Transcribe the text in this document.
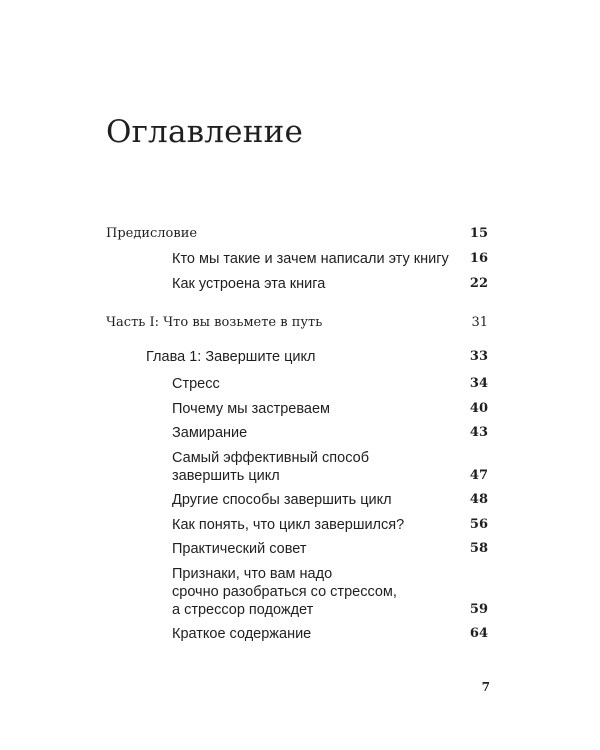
Оглавление
Предисловие	15
Кто мы такие и зачем написали эту книгу 16
Как устроена эта книга	22
Часть I: Что вы возьмете в путь	31
Глава 1: Завершите цикл	33
Стресс	34
Почему мы застреваем	40
Замирание	43
Самый эффективный способ
завершить цикл	47
Другие способы завершить цикл	48
Как понять, что цикл завершился?	56
Практический совет	58
Признаки, что вам надо
срочно разобраться со стрессом,
а стрессор подождет	59
Краткое содержание	64
7
